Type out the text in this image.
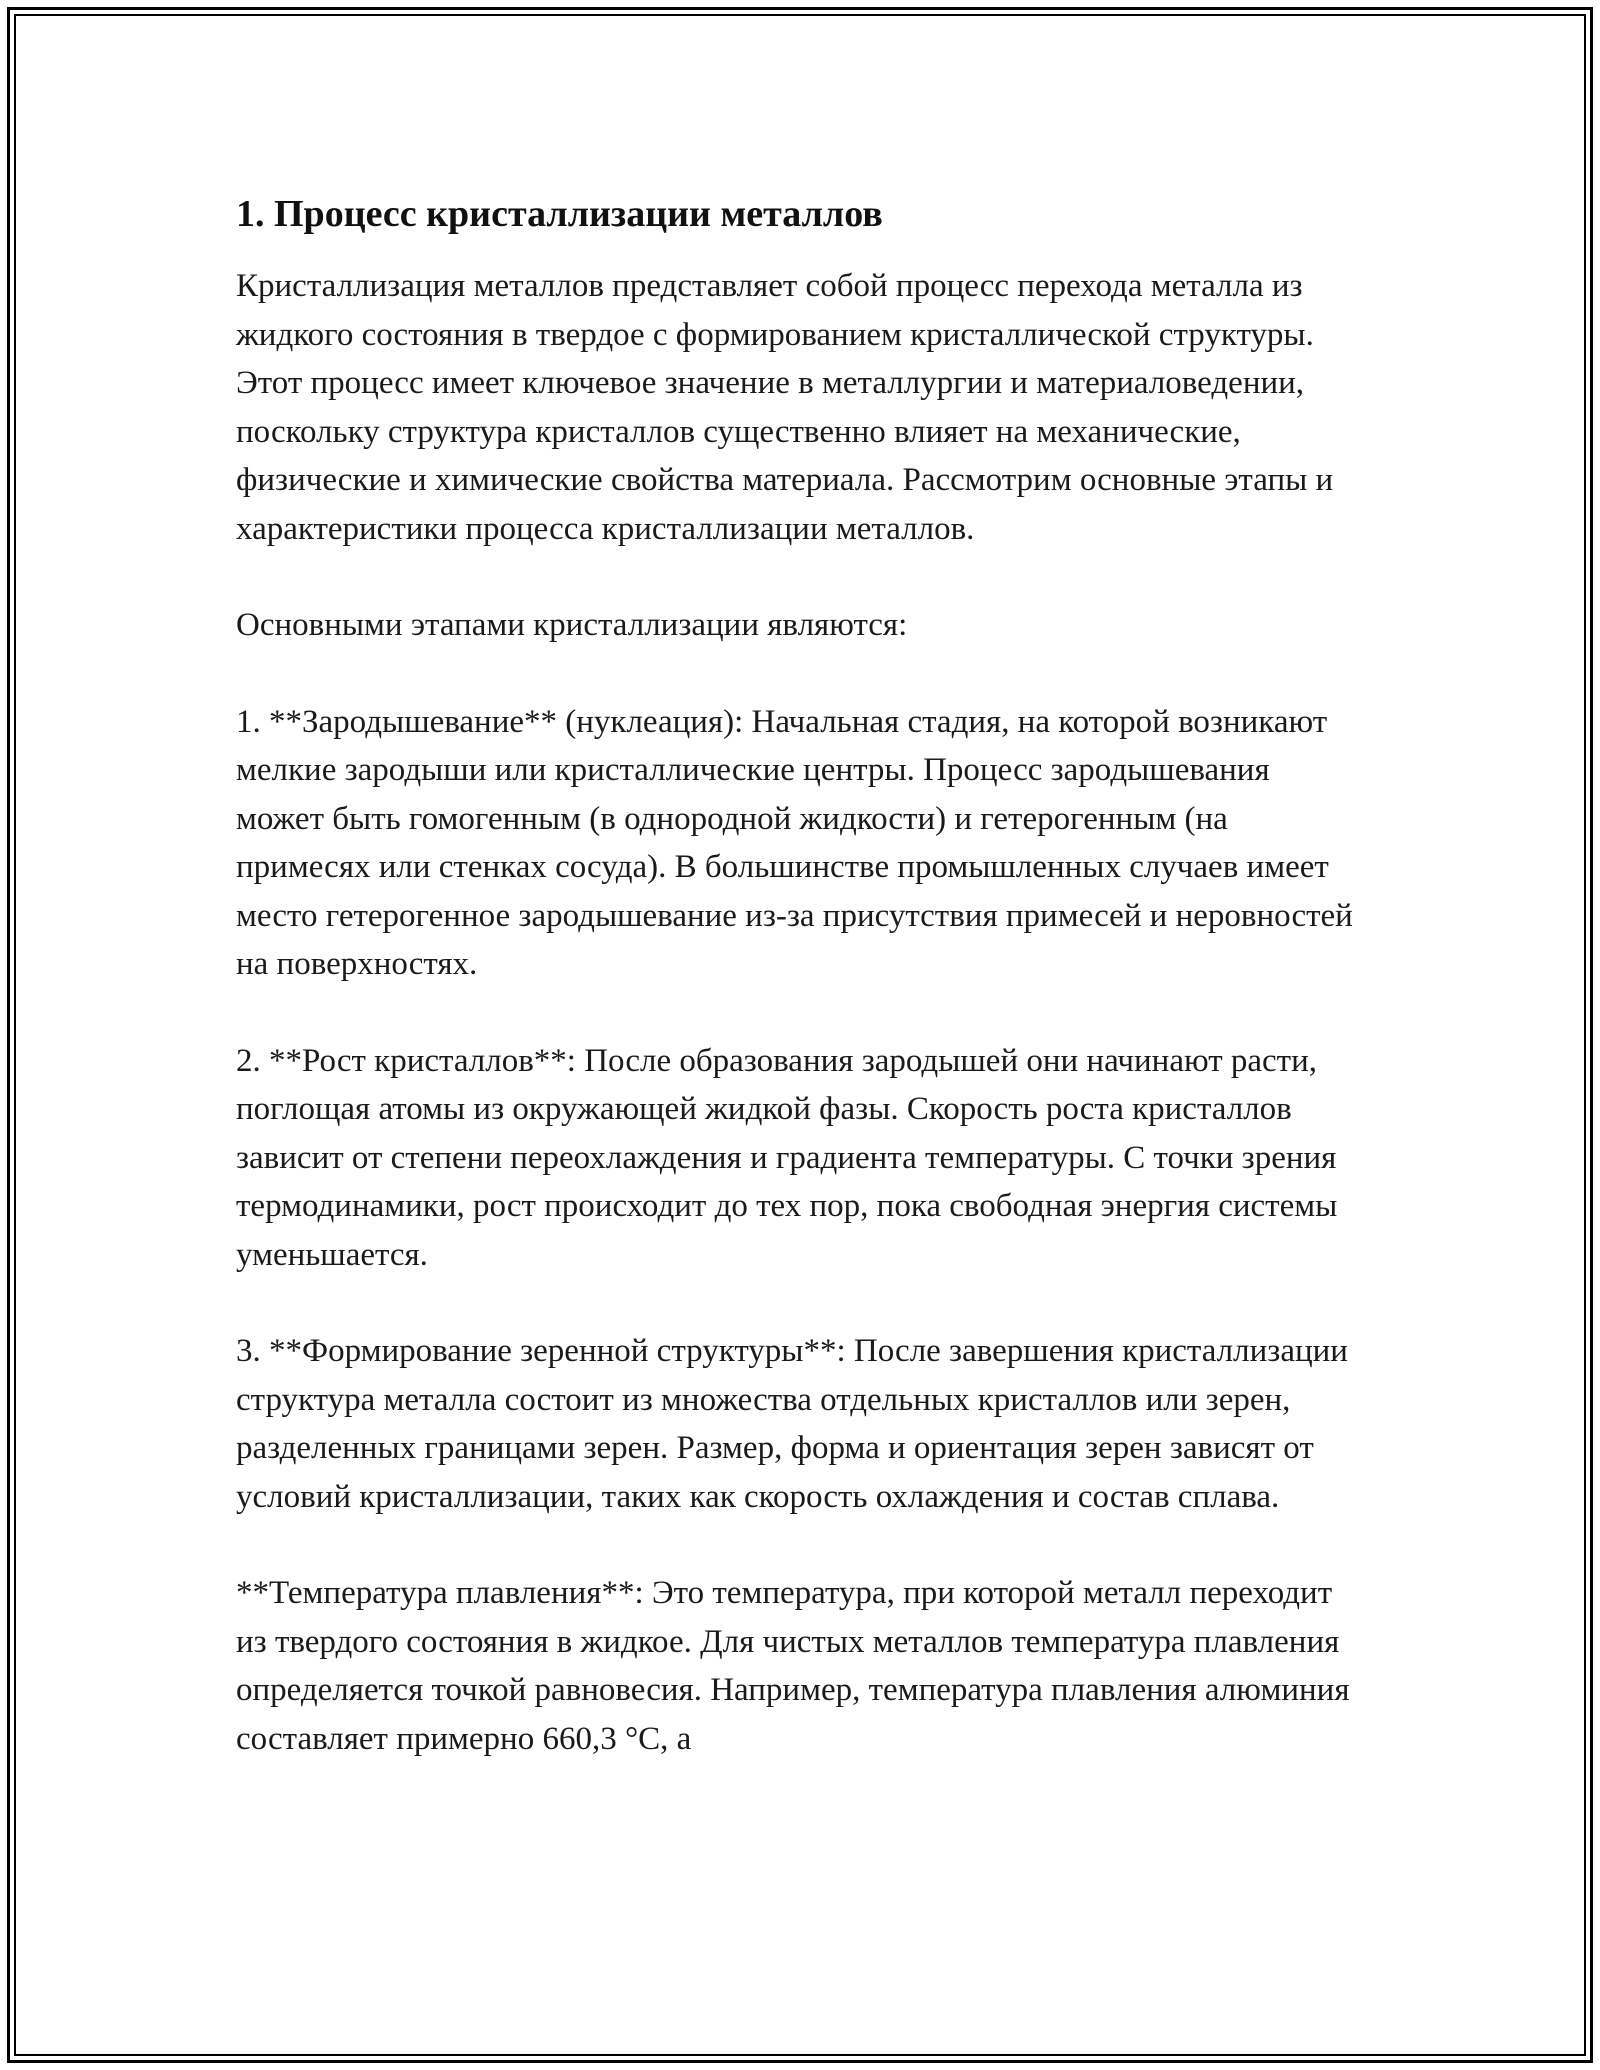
1. Процесс кристаллизации металлов

Кристаллизация металлов представляет собой процесс перехода металла из жидкого состояния в твердое с формированием кристаллической структуры. Этот процесс имеет ключевое значение в металлургии и материаловедении, поскольку структура кристаллов существенно влияет на механические, физические и химические свойства материала. Рассмотрим основные этапы и характеристики процесса кристаллизации металлов.

Основными этапами кристаллизации являются:

1. **Зародышевание** (нуклеация): Начальная стадия, на которой возникают мелкие зародыши или кристаллические центры. Процесс зародышевания может быть гомогенным (в однородной жидкости) и гетерогенным (на примесях или стенках сосуда). В большинстве промышленных случаев имеет место гетерогенное зародышевание из-за присутствия примесей и неровностей на поверхностях.

2. **Рост кристаллов**: После образования зародышей они начинают расти, поглощая атомы из окружающей жидкой фазы. Скорость роста кристаллов зависит от степени переохлаждения и градиента температуры. С точки зрения термодинамики, рост происходит до тех пор, пока свободная энергия системы уменьшается.

3. **Формирование зеренной структуры**: После завершения кристаллизации структура металла состоит из множества отдельных кристаллов или зерен, разделенных границами зерен. Размер, форма и ориентация зерен зависят от условий кристаллизации, таких как скорость охлаждения и состав сплава.

**Температура плавления**: Это температура, при которой металл переходит из твердого состояния в жидкое. Для чистых металлов температура плавления определяется точкой равновесия. Например, температура плавления алюминия составляет примерно 660,3 °C, а
